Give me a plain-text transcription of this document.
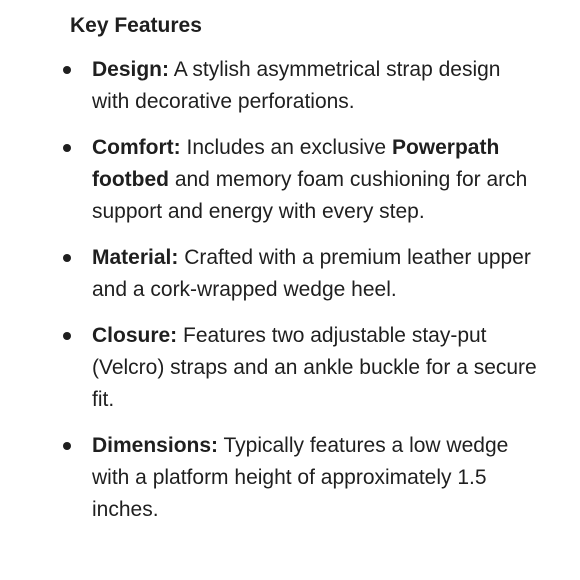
Key Features
Design: A stylish asymmetrical strap design with decorative perforations.
Comfort: Includes an exclusive Powerpath footbed and memory foam cushioning for arch support and energy with every step.
Material: Crafted with a premium leather upper and a cork-wrapped wedge heel.
Closure: Features two adjustable stay-put (Velcro) straps and an ankle buckle for a secure fit.
Dimensions: Typically features a low wedge with a platform height of approximately 1.5 inches.
